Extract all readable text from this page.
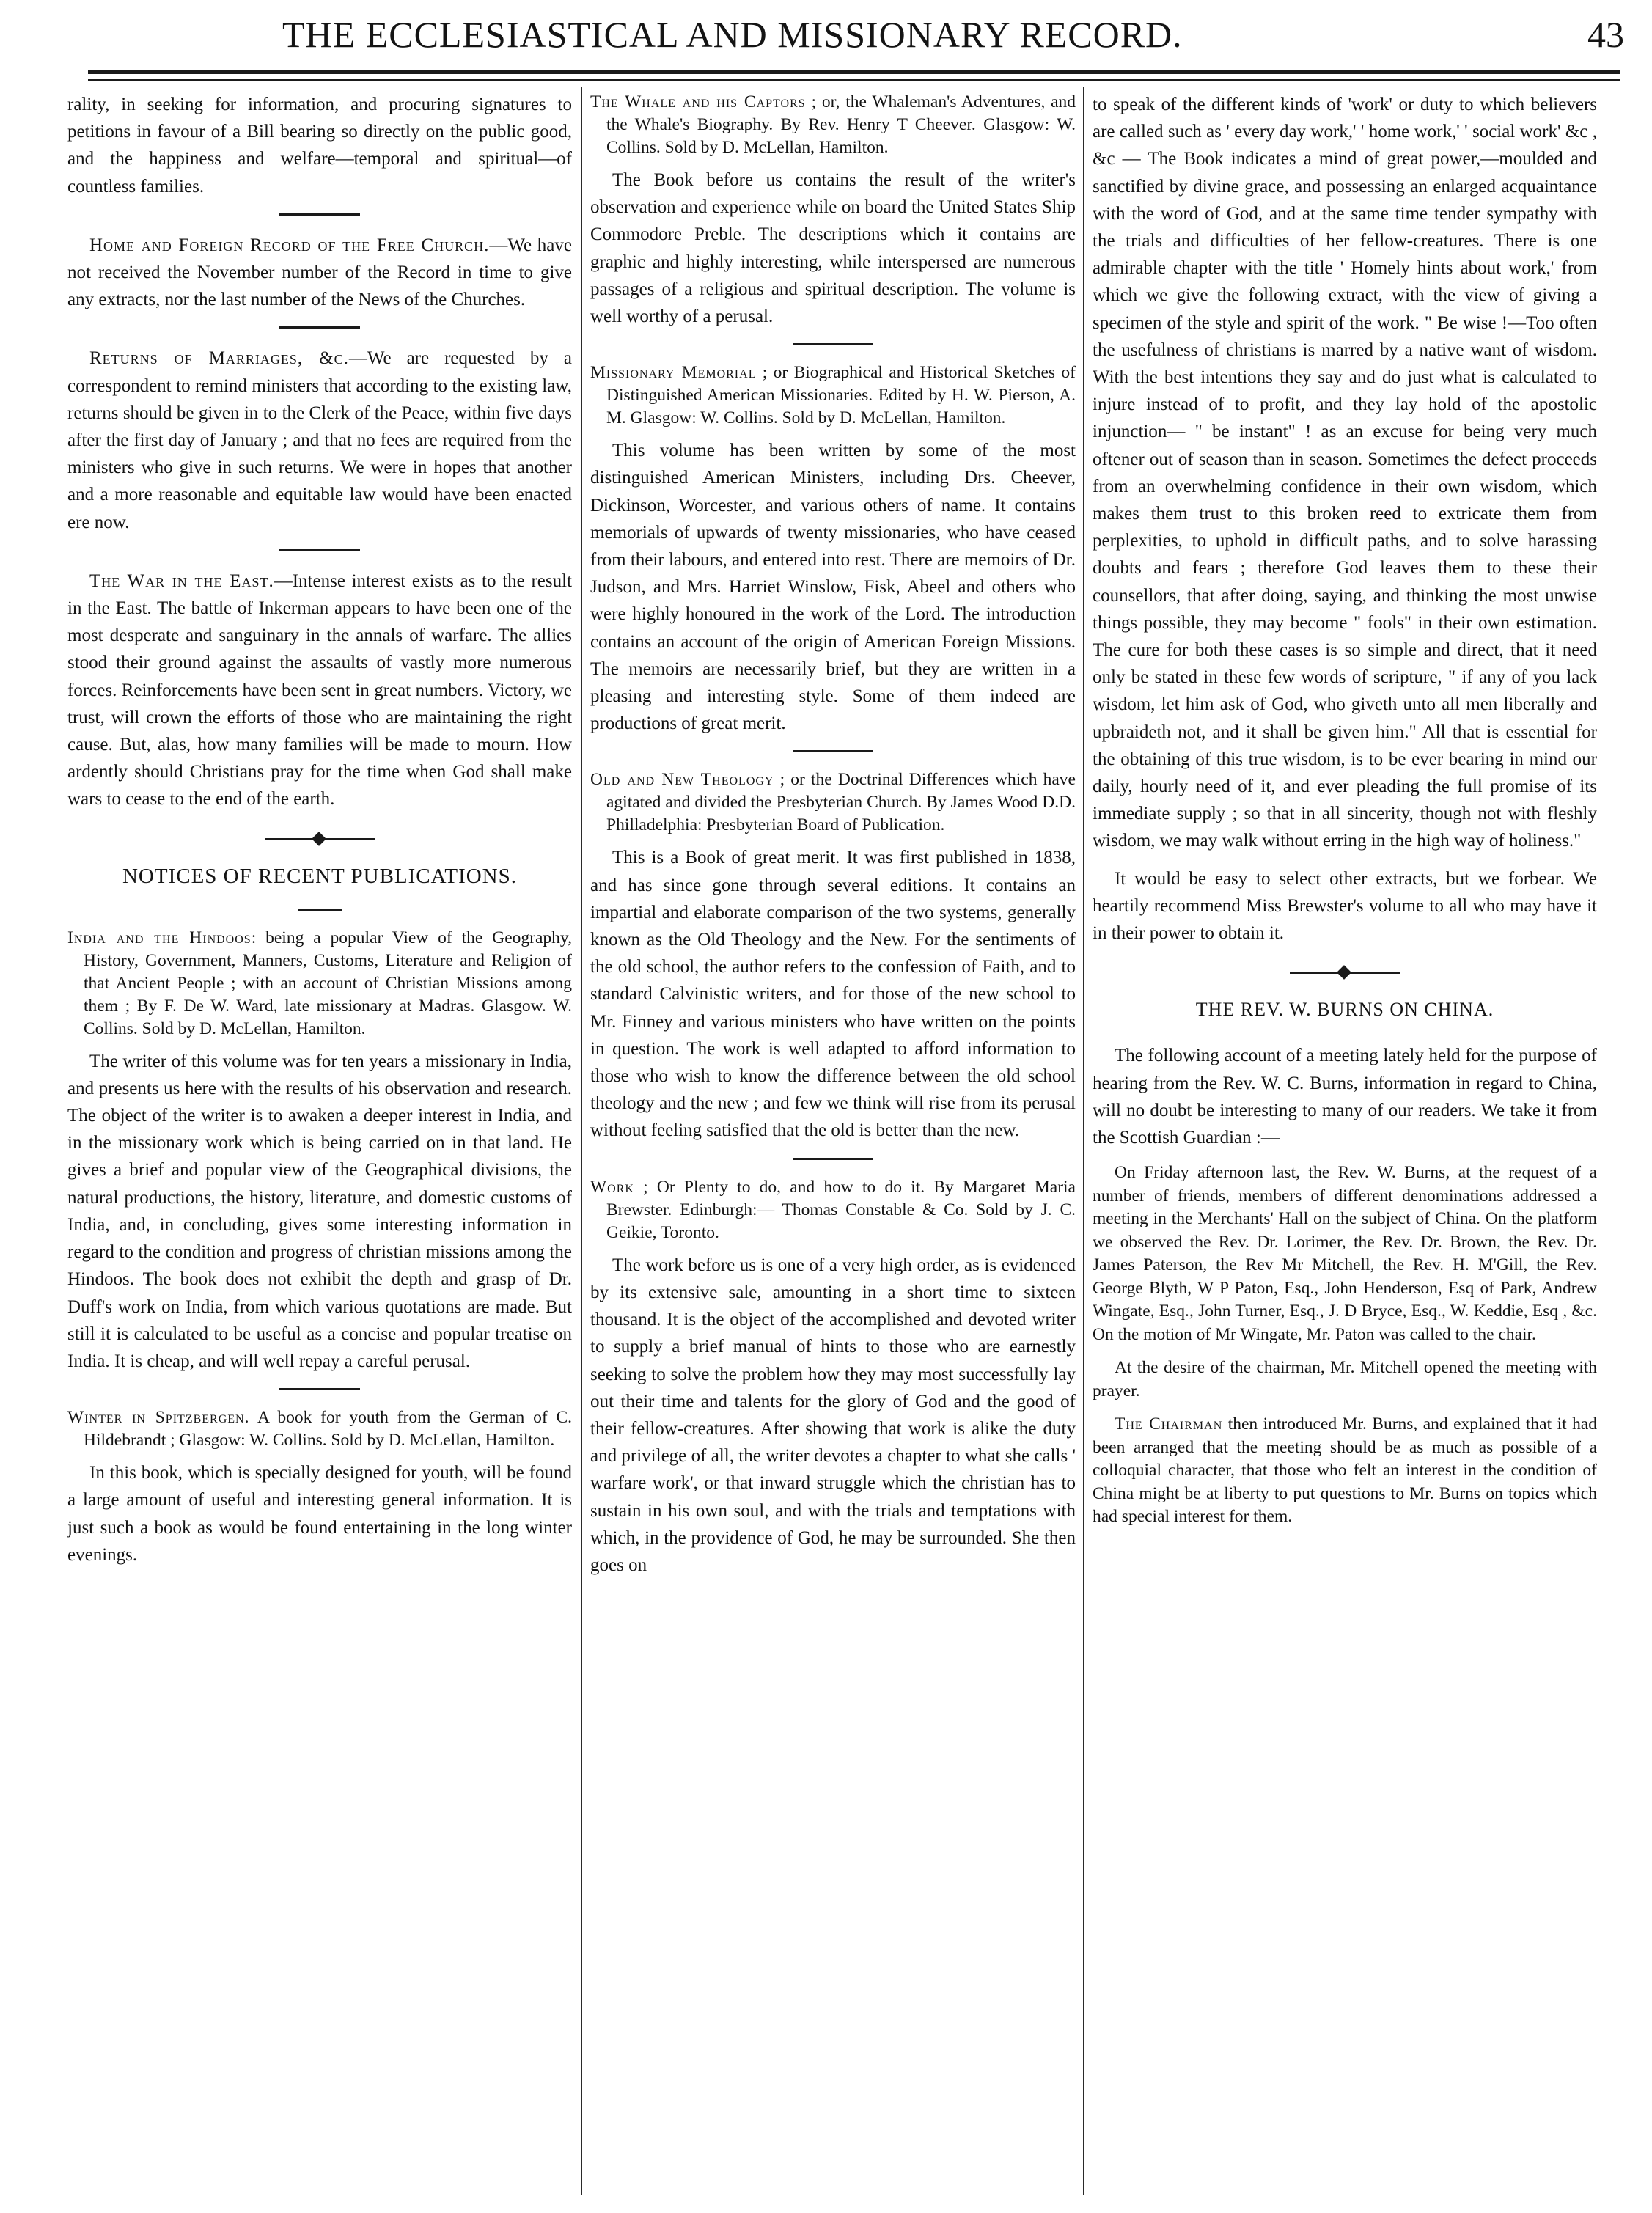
THE ECCLESIASTICAL AND MISSIONARY RECORD.	43

rality, in seeking for information, and procuring signatures to petitions in favour of a Bill bearing so directly on the public good, and the happiness and welfare—temporal and spiritual—of countless families.

Home and Foreign Record of the Free Church.—We have not received the November number of the Record in time to give any extracts, nor the last number of the News of the Churches.

Returns of Marriages, &c.—We are requested by a correspondent to remind ministers that according to the existing law, returns should be given in to the Clerk of the Peace, within five days after the first day of January ; and that no fees are required from the ministers who give in such returns. We were in hopes that another and a more reasonable and equitable law would have been enacted ere now.

The War in the East.—Intense interest exists as to the result in the East. The battle of Inkerman appears to have been one of the most desperate and sanguinary in the annals of warfare. The allies stood their ground against the assaults of vastly more numerous forces. Reinforcements have been sent in great numbers. Victory, we trust, will crown the efforts of those who are maintaining the right cause. But, alas, how many families will be made to mourn. How ardently should Christians pray for the time when God shall make wars to cease to the end of the earth.

NOTICES OF RECENT PUBLICATIONS.
India and the Hindoos: being a popular View of the Geography, History, Government, Manners, Customs, Literature and Religion of that Ancient People ; with an account of Christian Missions among them ; By F. De W. Ward, late missionary at Madras. Glasgow. W. Collins. Sold by D. McLellan, Hamilton.

The writer of this volume was for ten years a missionary in India, and presents us here with the results of his observation and research. The object of the writer is to awaken a deeper interest in India, and in the missionary work which is being carried on in that land. He gives a brief and popular view of the Geographical divisions, the natural productions, the history, literature, and domestic customs of India, and, in concluding, gives some interesting information in regard to the condition and progress of christian missions among the Hindoos. The book does not exhibit the depth and grasp of Dr. Duff's work on India, from which various quotations are made. But still it is calculated to be useful as a concise and popular treatise on India. It is cheap, and will well repay a careful perusal.

Winter in Spitzbergen. A book for youth from the German of C. Hildebrandt ; Glasgow: W. Collins. Sold by D. McLellan, Hamilton.

In this book, which is specially designed for youth, will be found a large amount of useful and interesting general information. It is just such a book as would be found entertaining in the long winter evenings.

The Whale and his Captors ; or, the Whaleman's Adventures, and the Whale's Biography. By Rev. Henry T Cheever. Glasgow: W. Collins. Sold by D. McLellan, Hamilton.

The Book before us contains the result of the writer's observation and experience while on board the United States Ship Commodore Preble. The descriptions which it contains are graphic and highly interesting, while interspersed are numerous passages of a religious and spiritual description. The volume is well worthy of a perusal.

Missionary Memorial ; or Biographical and Historical Sketches of Distinguished American Missionaries. Edited by H. W. Pierson, A. M. Glasgow: W. Collins. Sold by D. McLellan, Hamilton.

This volume has been written by some of the most distinguished American Ministers, including Drs. Cheever, Dickinson, Worcester, and various others of name. It contains memorials of upwards of twenty missionaries, who have ceased from their labours, and entered into rest. There are memoirs of Dr. Judson, and Mrs. Harriet Winslow, Fisk, Abeel and others who were highly honoured in the work of the Lord. The introduction contains an account of the origin of American Foreign Missions. The memoirs are necessarily brief, but they are written in a pleasing and interesting style. Some of them indeed are productions of great merit.

Old and New Theology ; or the Doctrinal Differences which have agitated and divided the Presbyterian Church. By James Wood D.D. Philladelphia: Presbyterian Board of Publication.

This is a Book of great merit. It was first published in 1838, and has since gone through several editions. It contains an impartial and elaborate comparison of the two systems, generally known as the Old Theology and the New. For the sentiments of the old school, the author refers to the confession of Faith, and to standard Calvinistic writers, and for those of the new school to Mr. Finney and various ministers who have written on the points in question. The work is well adapted to afford information to those who wish to know the difference between the old school theology and the new ; and few we think will rise from its perusal without feeling satisfied that the old is better than the new.

Work ; Or Plenty to do, and how to do it. By Margaret Maria Brewster. Edinburgh:— Thomas Constable & Co. Sold by J. C. Geikie, Toronto.

The work before us is one of a very high order, as is evidenced by its extensive sale, amounting in a short time to sixteen thousand. It is the object of the accomplished and devoted writer to supply a brief manual of hints to those who are earnestly seeking to solve the problem how they may most successfully lay out their time and talents for the glory of God and the good of their fellow-creatures. After showing that work is alike the duty and privilege of all, the writer devotes a chapter to what she calls ' warfare work', or that inward struggle which the christian has to sustain in his own soul, and with the trials and temptations with which, in the providence of God, he may be surrounded. She then goes on

to speak of the different kinds of 'work' or duty to which believers are called such as ' every day work,' ' home work,' ' social work' &c , &c — The Book indicates a mind of great power,—moulded and sanctified by divine grace, and possessing an enlarged acquaintance with the word of God, and at the same time tender sympathy with the trials and difficulties of her fellow-creatures. There is one admirable chapter with the title ' Homely hints about work,' from which we give the following extract, with the view of giving a specimen of the style and spirit of the work. " Be wise !—Too often the usefulness of christians is marred by a native want of wisdom. With the best intentions they say and do just what is calculated to injure instead of to profit, and they lay hold of the apostolic injunction— " be instant" ! as an excuse for being very much oftener out of season than in season. Sometimes the defect proceeds from an overwhelming confidence in their own wisdom, which makes them trust to this broken reed to extricate them from perplexities, to uphold in difficult paths, and to solve harassing doubts and fears ; therefore God leaves them to these their counsellors, that after doing, saying, and thinking the most unwise things possible, they may become " fools" in their own estimation. The cure for both these cases is so simple and direct, that it need only be stated in these few words of scripture, " if any of you lack wisdom, let him ask of God, who giveth unto all men liberally and upbraideth not, and it shall be given him." All that is essential for the obtaining of this true wisdom, is to be ever bearing in mind our daily, hourly need of it, and ever pleading the full promise of its immediate supply ; so that in all sincerity, though not with fleshly wisdom, we may walk without erring in the high way of holiness."

It would be easy to select other extracts, but we forbear. We heartily recommend Miss Brewster's volume to all who may have it in their power to obtain it.

THE REV. W. BURNS ON CHINA.

The following account of a meeting lately held for the purpose of hearing from the Rev. W. C. Burns, information in regard to China, will no doubt be interesting to many of our readers. We take it from the Scottish Guardian :—

On Friday afternoon last, the Rev. W. Burns, at the request of a number of friends, members of different denominations addressed a meeting in the Merchants' Hall on the subject of China. On the platform we observed the Rev. Dr. Lorimer, the Rev. Dr. Brown, the Rev. Dr. James Paterson, the Rev Mr Mitchell, the Rev. H. M'Gill, the Rev. George Blyth, W P Paton, Esq., John Henderson, Esq of Park, Andrew Wingate, Esq., John Turner, Esq., J. D Bryce, Esq., W. Keddie, Esq , &c. On the motion of Mr Wingate, Mr. Paton was called to the chair.

At the desire of the chairman, Mr. Mitchell opened the meeting with prayer.

The Chairman then introduced Mr. Burns, and explained that it had been arranged that the meeting should be as much as possible of a colloquial character, that those who felt an interest in the condition of China might be at liberty to put questions to Mr. Burns on topics which had special interest for them.
